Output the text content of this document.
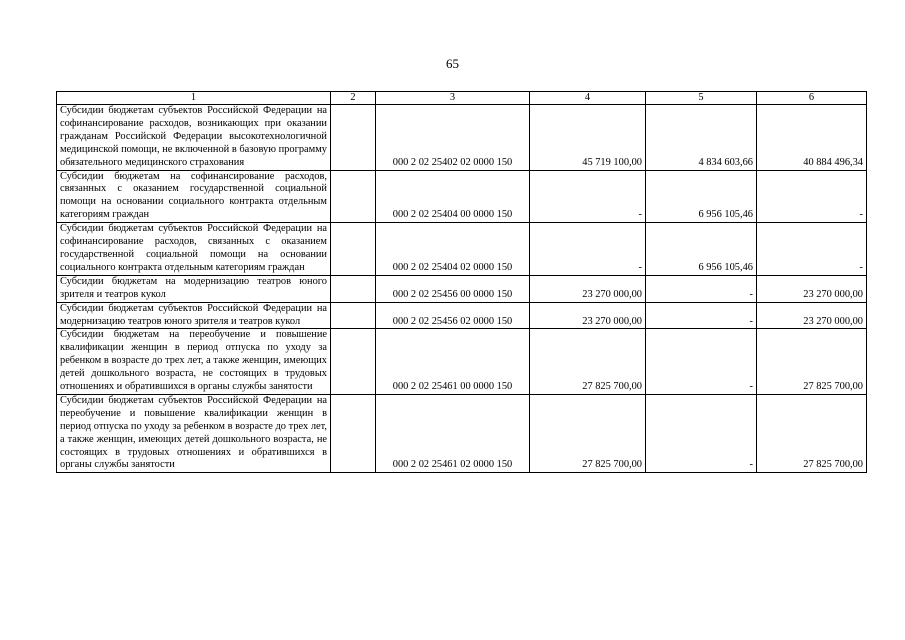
65
1	2	3	4	5	6
Субсидии бюджетам субъектов Российской Федерации на софинансирование расходов, возникающих при оказании гражданам Российской Федерации высокотехнологичной медицинской помощи, не включенной в базовую программу обязательного медицинского страхования		000 2 02 25402 02 0000 150	45 719 100,00	4 834 603,66	40 884 496,34
Субсидии бюджетам на софинансирование расходов, связанных с оказанием государственной социальной помощи на основании социального контракта отдельным категориям граждан		000 2 02 25404 00 0000 150	-	6 956 105,46	-
Субсидии бюджетам субъектов Российской Федерации на софинансирование расходов, связанных с оказанием государственной социальной помощи на основании социального контракта отдельным категориям граждан		000 2 02 25404 02 0000 150	-	6 956 105,46	-
Субсидии бюджетам на модернизацию театров юного зрителя и театров кукол		000 2 02 25456 00 0000 150	23 270 000,00	-	23 270 000,00
Субсидии бюджетам субъектов Российской Федерации на модернизацию театров юного зрителя и театров кукол		000 2 02 25456 02 0000 150	23 270 000,00	-	23 270 000,00
Субсидии бюджетам на переобучение и повышение квалификации женщин в период отпуска по уходу за ребенком в возрасте до трех лет, а также женщин, имеющих детей дошкольного возраста, не состоящих в трудовых отношениях и обратившихся в органы службы занятости		000 2 02 25461 00 0000 150	27 825 700,00	-	27 825 700,00
Субсидии бюджетам субъектов Российской Федерации на переобучение и повышение квалификации женщин в период отпуска по уходу за ребенком в возрасте до трех лет, а также женщин, имеющих детей дошкольного возраста, не состоящих в трудовых отношениях и обратившихся в органы службы занятости		000 2 02 25461 02 0000 150	27 825 700,00	-	27 825 700,00
